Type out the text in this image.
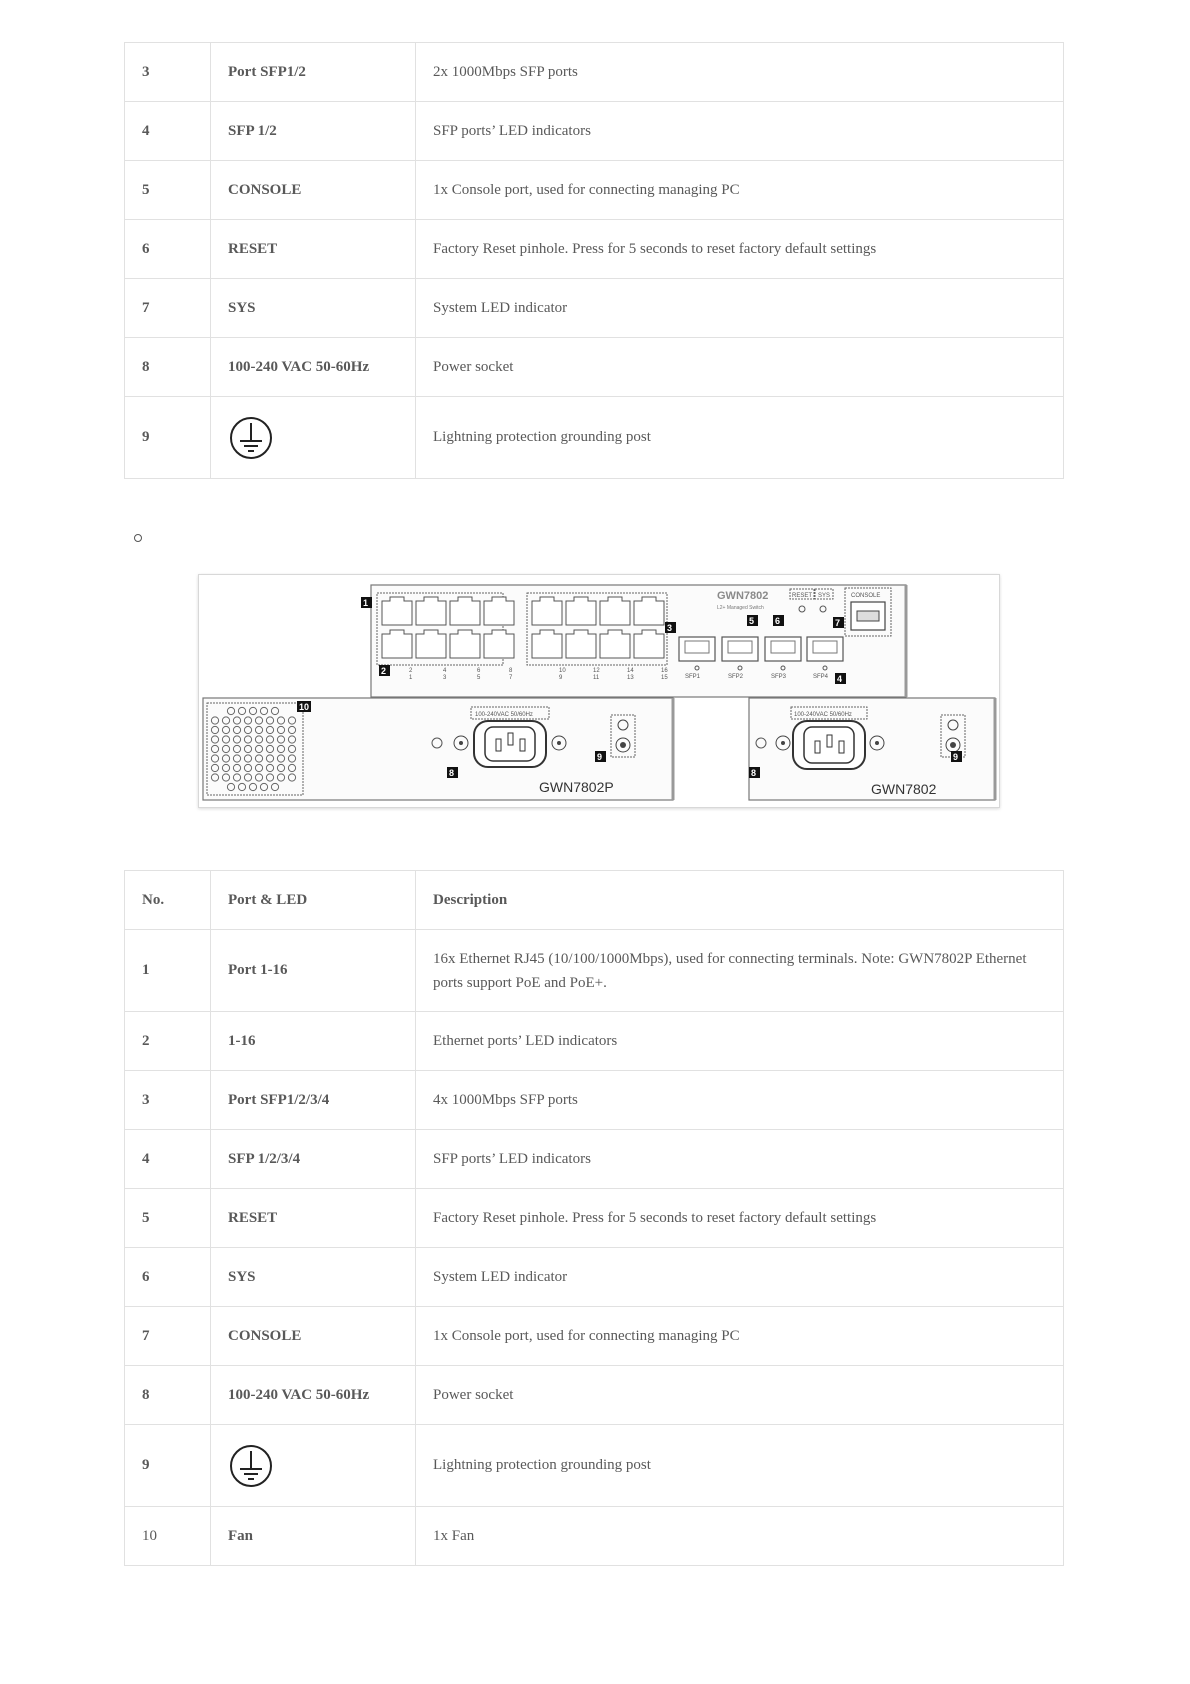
3	Port SFP1/2	2x 1000Mbps SFP ports
4	SFP 1/2	SFP ports’ LED indicators
5	CONSOLE	1x Console port, used for connecting managing PC
6	RESET	Factory Reset pinhole. Press for 5 seconds to reset factory default settings
7	SYS	System LED indicator
8	100-240 VAC 50-60Hz	Power socket
9		Lightning protection grounding post
2	4	6	8	10	12	14	16
1	3	5	7	9	11	13	15
GWN7802
L2+ Managed Switch
RESET SYS	CONSOLE
SFP1	SFP2	SFP3	SFP4
100-240VAC 50/60Hz
GWN7802P
100-240VAC 50/60Hz
GWN7802
1
2
3
4
5 6	7
8
9
10
8
9
No.	Port & LED	Description
1	Port 1-16	16x Ethernet RJ45 (10/100/1000Mbps), used for connecting terminals. Note: GWN7802P Ethernet ports support PoE and PoE+.
2	1-16	Ethernet ports’ LED indicators
3	Port SFP1/2/3/4	4x 1000Mbps SFP ports
4	SFP 1/2/3/4	SFP ports’ LED indicators
5	RESET	Factory Reset pinhole. Press for 5 seconds to reset factory default settings
6	SYS	System LED indicator
7	CONSOLE	1x Console port, used for connecting managing PC
8	100-240 VAC 50-60Hz	Power socket
9		Lightning protection grounding post
10	Fan	1x Fan
